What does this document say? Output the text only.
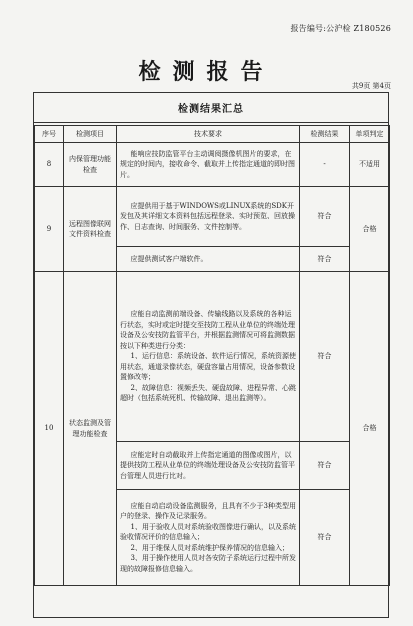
报告编号:公沪检 Z180526
检测报告
共9页 第4页
检测结果汇总
序号	检测项目	技术要求	检测结果	单项判定
8	内保管理功能检查	能响应技防监管平台主动调阅摄像机图片的要求，在规定的时间内，接收命令、截取并上传指定通道的即时图片。	-	不适用
9	远程图像联网文件资料检查	应提供用于基于WINDOWS或LINUX系统的SDK开发包及其详细文本资料包括远程登录、实时预览、回放操作、日志查询、时间服务、文件控制等。	符合	合格
		应提供测试客户端软件。	符合	
10	状态监测及管理功能检查	应能自动监测前端设备、传输线路以及系统的各种运行状态，实时或定时提交至技防工程从业单位的终端处理设备及公安技防监管平台，并根据监测情况可将监测数据按以下种类进行分类：

1、运行信息：系统设备、软件运行情况，系统资源使用状态，通道录像状态，硬盘容量占用情况，设备参数设置修改等；

2、故障信息：视频丢失、硬盘故障、进程异常、心跳超时（包括系统死机、传输故障、退出监测等）。	符合	合格
		应能定时自动截取并上传指定通道的图像或图片，以提供技防工程从业单位的终端处理设备及公安技防监管平台管理人员进行比对。	符合	

		应能自动启动设备监测服务，且具有不少于3种类型用户的登录、操作及记录服务。

1、用于验收人员对系统验收图像进行确认，以及系统验收情况评价的信息输入；

2、用于维保人员对系统维护保养情况的信息输入；

3、用于操作使用人员对各安防子系统运行过程中所发现的故障报修信息输入。	符合	
